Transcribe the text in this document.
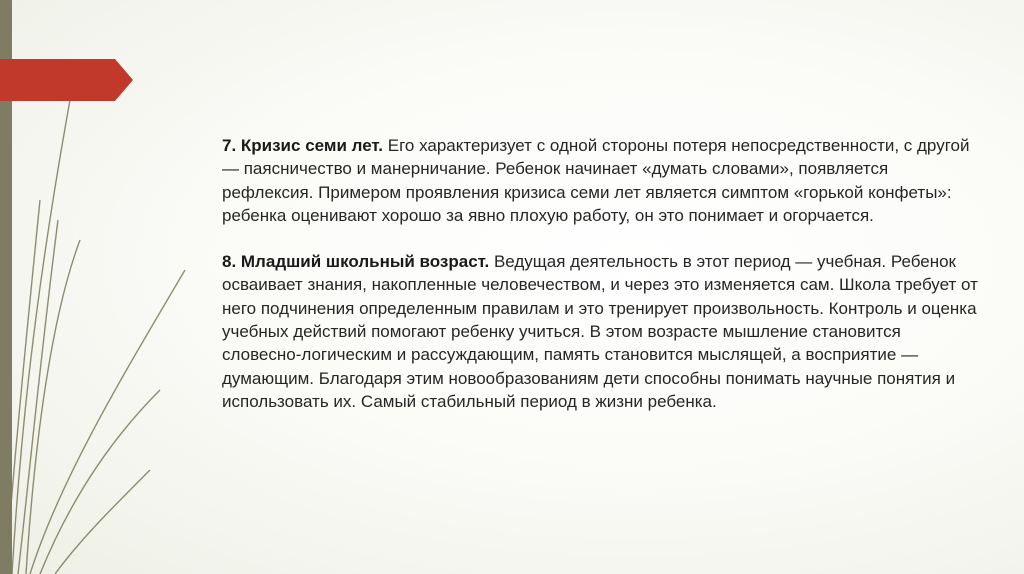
7. Кризис семи лет. Его характеризует с одной стороны потеря непосредственности, с другой — паясничество и манерничание. Ребенок начинает «думать словами», появляется рефлексия. Примером проявления кризиса семи лет является симптом «горькой конфеты»: ребенка оценивают хорошо за явно плохую работу, он это понимает и огорчается.

8. Младший школьный возраст. Ведущая деятельность в этот период — учебная. Ребенок осваивает знания, накопленные человечеством, и через это изменяется сам. Школа требует от него подчинения определенным правилам и это тренирует произвольность. Контроль и оценка учебных действий помогают ребенку учиться. В этом возрасте мышление становится словесно-логическим и рассуждающим, память становится мыслящей, а восприятие — думающим. Благодаря этим новообразованиям дети способны понимать научные понятия и использовать их. Самый стабильный период в жизни ребенка.
